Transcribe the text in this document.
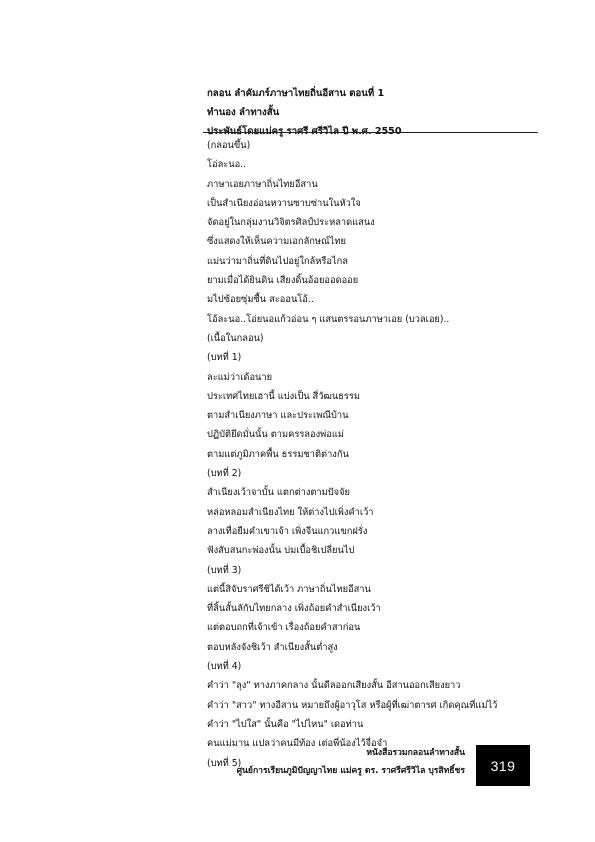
กลอน ลำคัมภร์ภาษาไทยถิ่นอีสาน ตอนที่ 1
ทำนอง ลำทางสั้น
(กลอนขึ้น)
โอ่ละนอ..
ภาษาเอยภาษาถิ่นไทยอีสาน
เป็นสำเนียงอ่อนหวานซาบซ่านในหัวใจ
จัดอยู่ในกลุ่มงานวิจิตรศิลป์ประหลาดแสนง
ซึ่งแสดงให้เห็นความเอกลักษณ์ไทย
แม่นว่ามาถิ่นที่ดินไปอยู่ใกล้หรือไกล
ยามเมื่อได้ยินดิน เสียงดิ้นอ้อยออดออย
มไปซ้อยซุ่มซื้น สะออนโอ้..
โอ้ละนอ..โอ่ยนอแก้วอ่อน ๆ แสนตรรอนภาษาเอย (บวลเอย)..
(เนื้อในกลอน)
(บทที่ 1)
ละแม่ว่าเด้อนาย
ประเทศไทยเฮานี้ แบ่งเป็น สี่วัฒนธรรม
ตามสำเนียงภาษา และประเพณีบ้าน
ปฏิบัติยึดมั่นนั้น ตามครรลองพ่อแม่
ตามแต่ภูมิภาคพื้น ธรรมชาติต่างกัน
(บทที่ 2)
สำเนียงเว้าจาบั้น แตกต่างตามปัจจัย
หล่อหลอมสำเนียงไทย ให้ต่างไปเพิ่งคำเว้า
ลางเทื่อยืมคำเขาเจ้า เพิ่งจีนแกวแขกฝรั่ง
ฟังสับสนกะพ่องนั้น บ่มเบื้อชิเปลี่ยนไป
(บทที่ 3)
แต่นี้สิจับราศรีชิได้เว้า ภาษาถิ่นไทยอีสาน
ที่ลิ้นสั้นลักับไทยกลาง เพิ่งถ้อยคำสำเนียงเว้า
แต่ตอบถกที่เจ้าเข้า เรื่องถ้อยคำสาก่อน
ตอบหลังจังชิเว้า สำเนียงสั้นต่ำสูง
(บทที่ 4)
คำว่า "ลุง" ทางภาคกลาง นั้นดีลออกเสียงสั้น อีสานออกเสียงยาว
คำว่า "สาว" ทางอีสาน หมายถึงผู้อาวุโส หรือผู้ที่เฒ่าตารศ เกิดคุณที่แม่ไว้
คำว่า "ไปใส" นั้นคือ "ไปไหน" เดอท่าน
คนแม่มาน แปลว่าคนมีท้อง เต่อพี่น้องไว้จื่อจำ
(บทที่ 5)
หนังสือรวมกลอนลำทางสั้น
ศูนย์การเรียนภูมิปัญญาไทย แม่ครู ดร. ราศรีศรีวิไล บุรสิทธิ์ชร 319
